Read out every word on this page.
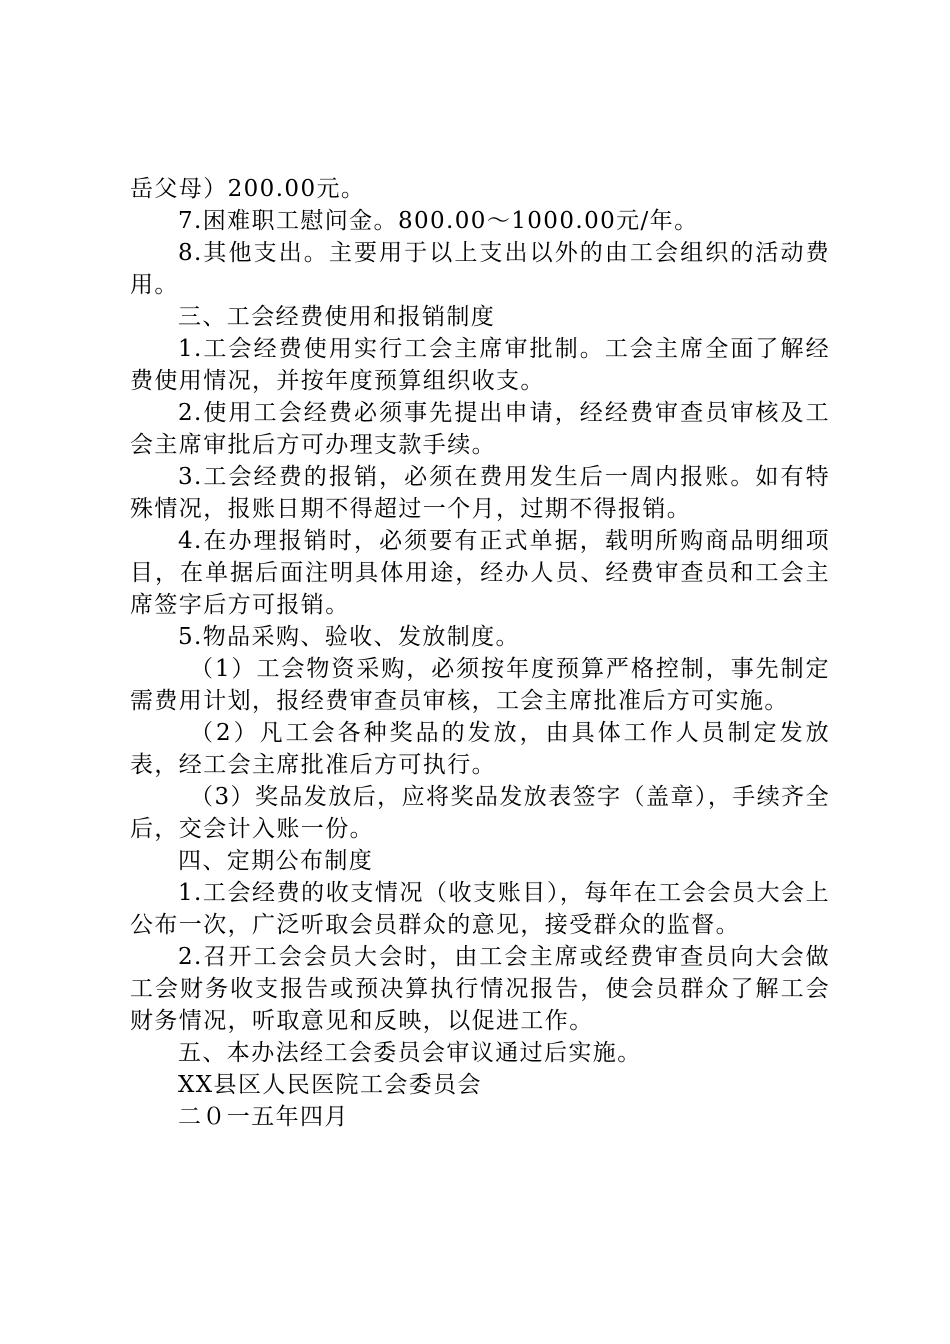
岳父母）200.00元。

7.困难职工慰问金。800.00～1000.00元/年。

8.其他支出。主要用于以上支出以外的由工会组织的活动费用。

三、工会经费使用和报销制度

1.工会经费使用实行工会主席审批制。工会主席全面了解经费使用情况，并按年度预算组织收支。

2.使用工会经费必须事先提出申请，经经费审查员审核及工会主席审批后方可办理支款手续。

3.工会经费的报销，必须在费用发生后一周内报账。如有特殊情况，报账日期不得超过一个月，过期不得报销。

4.在办理报销时，必须要有正式单据，载明所购商品明细项目，在单据后面注明具体用途，经办人员、经费审查员和工会主席签字后方可报销。

5.物品采购、验收、发放制度。

（1）工会物资采购，必须按年度预算严格控制，事先制定需费用计划，报经费审查员审核，工会主席批准后方可实施。

（2）凡工会各种奖品的发放，由具体工作人员制定发放表，经工会主席批准后方可执行。

（3）奖品发放后，应将奖品发放表签字（盖章），手续齐全后，交会计入账一份。

四、定期公布制度

1.工会经费的收支情况（收支账目），每年在工会会员大会上公布一次，广泛听取会员群众的意见，接受群众的监督。

2.召开工会会员大会时，由工会主席或经费审查员向大会做工会财务收支报告或预决算执行情况报告，使会员群众了解工会财务情况，听取意见和反映，以促进工作。

五、本办法经工会委员会审议通过后实施。

XX县区人民医院工会委员会

二０一五年四月
